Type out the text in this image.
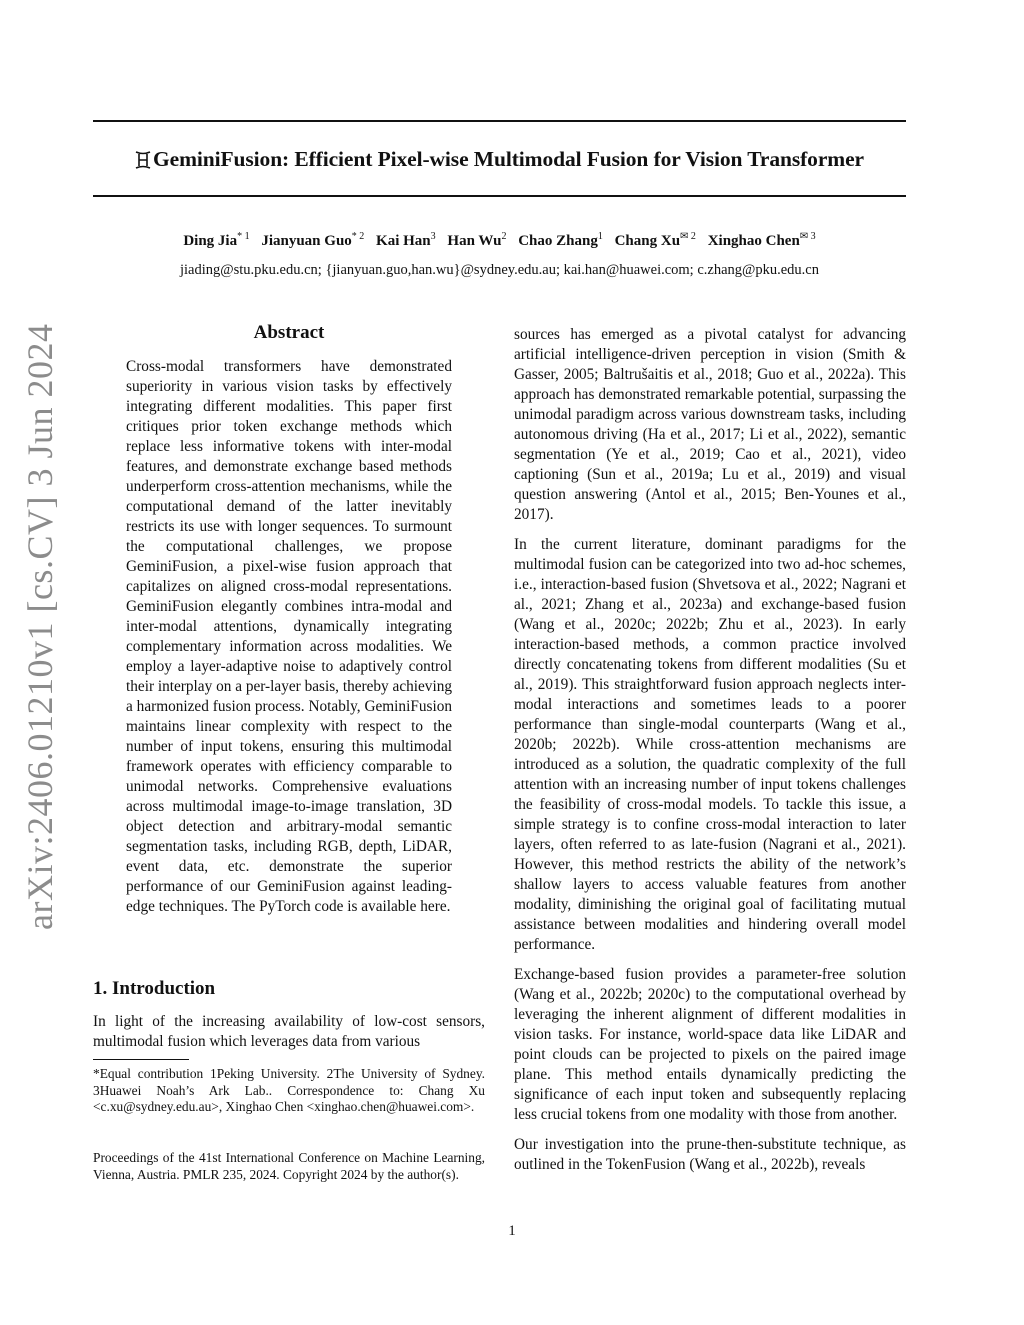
GeminiFusion: Efficient Pixel-wise Multimodal Fusion for Vision Transformer
Ding Jia$^{* 1}$ Jianyuan Guo$^{* 2}$ Kai Han$^3$ Han Wu$^2$ Chao Zhang$^1$ Chang $Xu^{✉ 2}$ Xinghao Chen$^{✉ 3}$
jiading@stu.pku.edu.cn; {jianyuan.guo,han.wu}@sydney.edu.au; kai.han@huawei.com; c.zhang@pku.edu.cn
arXiv:2406.01210v1 [cs.CV] 3 Jun 2024	Abstract
Cross-modal transformers have demonstrated superiority in various vision tasks by effectively integrating different modalities. This paper first critiques prior token exchange methods which replace less informative tokens with inter-modal features, and demonstrate exchange based methods underperform cross-attention mechanisms, while the computational demand of the latter inevitably restricts its use with longer sequences. To surmount the computational challenges, we propose GeminiFusion, a pixel-wise fusion approach that capitalizes on aligned cross-modal representations. GeminiFusion elegantly combines intra-modal and inter-modal attentions, dynamically integrating complementary information across modalities. We employ a layer-adaptive noise to adaptively control their interplay on a per-layer basis, thereby achieving a harmonized fusion process. Notably, GeminiFusion maintains linear complexity with respect to the number of input tokens, ensuring this multimodal framework operates with efficiency comparable to unimodal networks. Comprehensive evaluations across multimodal image-to-image translation, 3D object detection and arbitrary-modal semantic segmentation tasks, including RGB, depth, LiDAR, event data, etc. demonstrate the superior performance of our GeminiFusion against leading-edge techniques. The PyTorch code is available here.
1. Introduction
In light of the increasing availability of low-cost sensors, multimodal fusion which leverages data from various
*Equal contribution 1Peking University. 2The University of Sydney. 3Huawei Noah’s Ark Lab.. Correspondence to: Chang Xu <c.xu@sydney.edu.au>, Xinghao Chen <xinghao.chen@huawei.com>.
Proceedings of the 41st International Conference on Machine Learning, Vienna, Austria. PMLR 235, 2024. Copyright 2024 by the author(s).

sources has emerged as a pivotal catalyst for advancing artificial intelligence-driven perception in vision (Smith & Gasser, 2005; Baltrušaitis et al., 2018; Guo et al., 2022a). This approach has demonstrated remarkable potential, surpassing the unimodal paradigm across various downstream tasks, including autonomous driving (Ha et al., 2017; Li et al., 2022), semantic segmentation (Ye et al., 2019; Cao et al., 2021), video captioning (Sun et al., 2019a; Lu et al., 2019) and visual question answering (Antol et al., 2015; Ben-Younes et al., 2017).

In the current literature, dominant paradigms for the multimodal fusion can be categorized into two ad-hoc schemes, i.e., interaction-based fusion (Shvetsova et al., 2022; Nagrani et al., 2021; Zhang et al., 2023a) and exchange-based fusion (Wang et al., 2020c; 2022b; Zhu et al., 2023). In early interaction-based methods, a common practice involved directly concatenating tokens from different modalities (Su et al., 2019). This straightforward fusion approach neglects inter-modal interactions and sometimes leads to a poorer performance than single-modal counterparts (Wang et al., 2020b; 2022b). While cross-attention mechanisms are introduced as a solution, the quadratic complexity of the full attention with an increasing number of input tokens challenges the feasibility of cross-modal models. To tackle this issue, a simple strategy is to confine cross-modal interaction to later layers, often referred to as late-fusion (Nagrani et al., 2021). However, this method restricts the ability of the network’s shallow layers to access valuable features from another modality, diminishing the original goal of facilitating mutual assistance between modalities and hindering overall model performance.

Exchange-based fusion provides a parameter-free solution (Wang et al., 2022b; 2020c) to the computational overhead by leveraging the inherent alignment of different modalities in vision tasks. For instance, world-space data like LiDAR and point clouds can be projected to pixels on the paired image plane. This method entails dynamically predicting the significance of each input token and subsequently replacing less crucial tokens from one modality with those from another.

Our investigation into the prune-then-substitute technique, as outlined in the TokenFusion (Wang et al., 2022b), reveals

1
